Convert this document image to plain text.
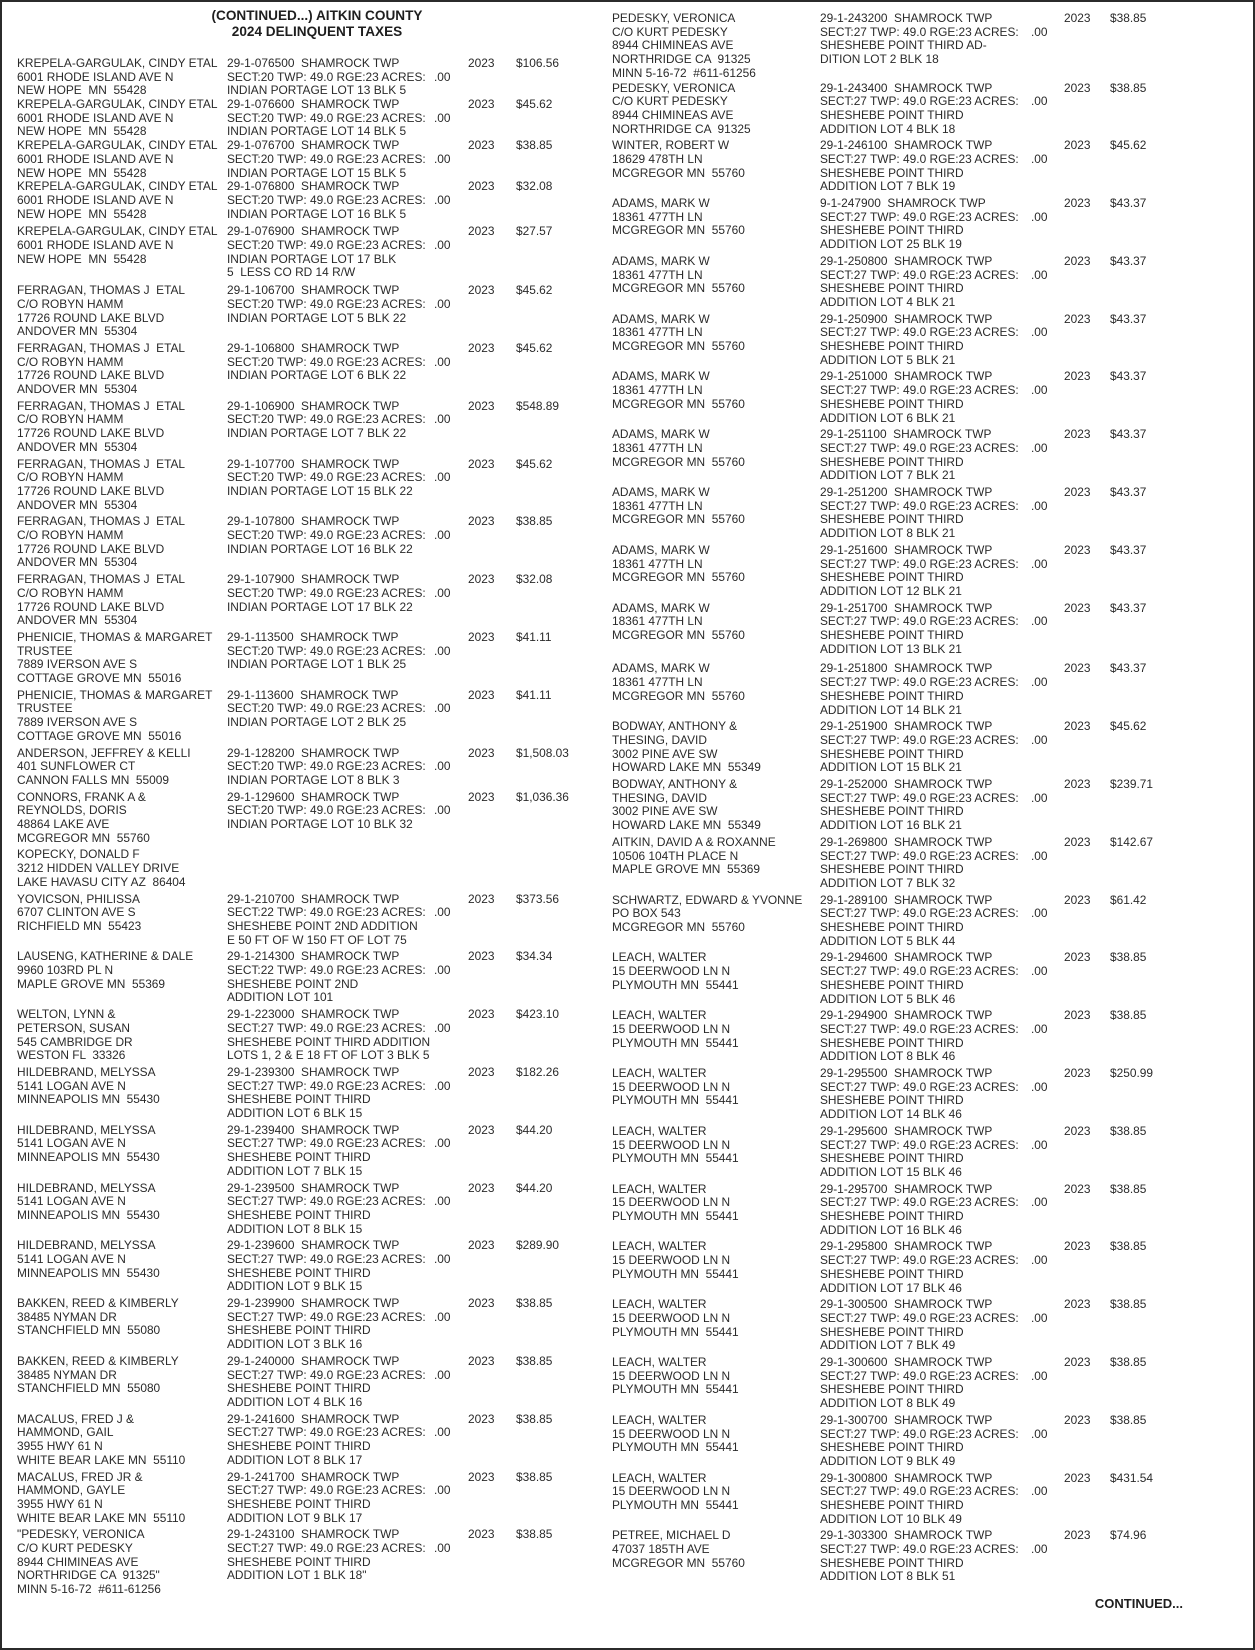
(CONTINUED...) AITKIN COUNTY
2024 DELINQUENT TAXES
KREPELA-GARGULAK, CINDY ETAL
6001 RHODE ISLAND AVE N
NEW HOPE  MN  55428
29-1-076500  SHAMROCK TWP
SECT:20 TWP: 49.0 RGE:23 ACRES:
INDIAN PORTAGE LOT 13 BLK 5
.00
2023 $106.56
KREPELA-GARGULAK, CINDY ETAL
6001 RHODE ISLAND AVE N
NEW HOPE  MN  55428
29-1-076600  SHAMROCK TWP
SECT:20 TWP: 49.0 RGE:23 ACRES:
INDIAN PORTAGE LOT 14 BLK 5
.00
2023 $45.62
KREPELA-GARGULAK, CINDY ETAL
6001 RHODE ISLAND AVE N
NEW HOPE  MN  55428
29-1-076700  SHAMROCK TWP
SECT:20 TWP: 49.0 RGE:23 ACRES:
INDIAN PORTAGE LOT 15 BLK 5
.00
2023 $38.85
KREPELA-GARGULAK, CINDY ETAL
6001 RHODE ISLAND AVE N
NEW HOPE  MN  55428
29-1-076800  SHAMROCK TWP
SECT:20 TWP: 49.0 RGE:23 ACRES:
INDIAN PORTAGE LOT 16 BLK 5
.00
2023 $32.08
KREPELA-GARGULAK, CINDY ETAL
6001 RHODE ISLAND AVE N
NEW HOPE  MN  55428
29-1-076900  SHAMROCK TWP
SECT:20 TWP: 49.0 RGE:23 ACRES:
INDIAN PORTAGE LOT 17 BLK
5  LESS CO RD 14 R/W
.00
2023 $27.57
FERRAGAN, THOMAS J  ETAL
C/O ROBYN HAMM
17726 ROUND LAKE BLVD
ANDOVER MN  55304
29-1-106700  SHAMROCK TWP
SECT:20 TWP: 49.0 RGE:23 ACRES:
INDIAN PORTAGE LOT 5 BLK 22
.00
2023 $45.62
FERRAGAN, THOMAS J  ETAL
C/O ROBYN HAMM
17726 ROUND LAKE BLVD
ANDOVER MN  55304
29-1-106800  SHAMROCK TWP
SECT:20 TWP: 49.0 RGE:23 ACRES:
INDIAN PORTAGE LOT 6 BLK 22
.00
2023 $45.62
FERRAGAN, THOMAS J  ETAL
C/O ROBYN HAMM
17726 ROUND LAKE BLVD
ANDOVER MN  55304
29-1-106900  SHAMROCK TWP
SECT:20 TWP: 49.0 RGE:23 ACRES:
INDIAN PORTAGE LOT 7 BLK 22
.00
2023 $548.89
FERRAGAN, THOMAS J  ETAL
C/O ROBYN HAMM
17726 ROUND LAKE BLVD
ANDOVER MN  55304
29-1-107700  SHAMROCK TWP
SECT:20 TWP: 49.0 RGE:23 ACRES:
INDIAN PORTAGE LOT 15 BLK 22
.00
2023 $45.62
FERRAGAN, THOMAS J  ETAL
C/O ROBYN HAMM
17726 ROUND LAKE BLVD
ANDOVER MN  55304
29-1-107800  SHAMROCK TWP
SECT:20 TWP: 49.0 RGE:23 ACRES:
INDIAN PORTAGE LOT 16 BLK 22
.00
2023 $38.85
FERRAGAN, THOMAS J  ETAL
C/O ROBYN HAMM
17726 ROUND LAKE BLVD
ANDOVER MN  55304
29-1-107900  SHAMROCK TWP
SECT:20 TWP: 49.0 RGE:23 ACRES:
INDIAN PORTAGE LOT 17 BLK 22
.00
2023 $32.08
PHENICIE, THOMAS & MARGARET
TRUSTEE
7889 IVERSON AVE S
COTTAGE GROVE MN  55016
29-1-113500  SHAMROCK TWP
SECT:20 TWP: 49.0 RGE:23 ACRES:
INDIAN PORTAGE LOT 1 BLK 25
.00
2023 $41.11
PHENICIE, THOMAS & MARGARET
TRUSTEE
7889 IVERSON AVE S
COTTAGE GROVE MN  55016
29-1-113600  SHAMROCK TWP
SECT:20 TWP: 49.0 RGE:23 ACRES:
INDIAN PORTAGE LOT 2 BLK 25
.00
2023 $41.11
ANDERSON, JEFFREY & KELLI
401 SUNFLOWER CT
CANNON FALLS MN  55009
29-1-128200  SHAMROCK TWP
SECT:20 TWP: 49.0 RGE:23 ACRES:
INDIAN PORTAGE LOT 8 BLK 3
.00
2023 $1,508.03
CONNORS, FRANK A &
REYNOLDS, DORIS
48864 LAKE AVE
MCGREGOR MN  55760
29-1-129600  SHAMROCK TWP
SECT:20 TWP: 49.0 RGE:23 ACRES:
INDIAN PORTAGE LOT 10 BLK 32
.00
2023 $1,036.36
KOPECKY, DONALD F
3212 HIDDEN VALLEY DRIVE
LAKE HAVASU CITY AZ  86404
YOVICSON, PHILISSA
6707 CLINTON AVE S
RICHFIELD MN  55423
29-1-210700  SHAMROCK TWP
SECT:22 TWP: 49.0 RGE:23 ACRES:
SHESHEBE POINT 2ND ADDITION
E 50 FT OF W 150 FT OF LOT 75
.00
2023 $373.56
LAUSENG, KATHERINE & DALE
9960 103RD PL N
MAPLE GROVE MN  55369
29-1-214300  SHAMROCK TWP
SECT:22 TWP: 49.0 RGE:23 ACRES:
SHESHEBE POINT 2ND
ADDITION LOT 101
.00
2023 $34.34
WELTON, LYNN &
PETERSON, SUSAN
545 CAMBRIDGE DR
WESTON FL  33326
29-1-223000  SHAMROCK TWP
SECT:27 TWP: 49.0 RGE:23 ACRES:
SHESHEBE POINT THIRD ADDITION
LOTS 1, 2 & E 18 FT OF LOT 3 BLK 5
.00
2023 $423.10
HILDEBRAND, MELYSSA
5141 LOGAN AVE N
MINNEAPOLIS MN  55430
29-1-239300  SHAMROCK TWP
SECT:27 TWP: 49.0 RGE:23 ACRES:
SHESHEBE POINT THIRD
ADDITION LOT 6 BLK 15
.00
2023 $182.26
HILDEBRAND, MELYSSA
5141 LOGAN AVE N
MINNEAPOLIS MN  55430
29-1-239400  SHAMROCK TWP
SECT:27 TWP: 49.0 RGE:23 ACRES:
SHESHEBE POINT THIRD
ADDITION LOT 7 BLK 15
.00
2023 $44.20
HILDEBRAND, MELYSSA
5141 LOGAN AVE N
MINNEAPOLIS MN  55430
29-1-239500  SHAMROCK TWP
SECT:27 TWP: 49.0 RGE:23 ACRES:
SHESHEBE POINT THIRD
ADDITION LOT 8 BLK 15
.00
2023 $44.20
HILDEBRAND, MELYSSA
5141 LOGAN AVE N
MINNEAPOLIS MN  55430
29-1-239600  SHAMROCK TWP
SECT:27 TWP: 49.0 RGE:23 ACRES:
SHESHEBE POINT THIRD
ADDITION LOT 9 BLK 15
.00
2023 $289.90
BAKKEN, REED & KIMBERLY
38485 NYMAN DR
STANCHFIELD MN  55080
29-1-239900  SHAMROCK TWP
SECT:27 TWP: 49.0 RGE:23 ACRES:
SHESHEBE POINT THIRD
ADDITION LOT 3 BLK 16
.00
2023 $38.85
BAKKEN, REED & KIMBERLY
38485 NYMAN DR
STANCHFIELD MN  55080
29-1-240000  SHAMROCK TWP
SECT:27 TWP: 49.0 RGE:23 ACRES:
SHESHEBE POINT THIRD
ADDITION LOT 4 BLK 16
.00
2023 $38.85
MACALUS, FRED J &
HAMMOND, GAIL
3955 HWY 61 N
WHITE BEAR LAKE MN  55110
29-1-241600  SHAMROCK TWP
SECT:27 TWP: 49.0 RGE:23 ACRES:
SHESHEBE POINT THIRD
ADDITION LOT 8 BLK 17
.00
2023 $38.85
MACALUS, FRED JR &
HAMMOND, GAYLE
3955 HWY 61 N
WHITE BEAR LAKE MN  55110
29-1-241700  SHAMROCK TWP
SECT:27 TWP: 49.0 RGE:23 ACRES:
SHESHEBE POINT THIRD
ADDITION LOT 9 BLK 17
.00
2023 $38.85
"PEDESKY, VERONICA
C/O KURT PEDESKY
8944 CHIMINEAS AVE
NORTHRIDGE CA  91325"
MINN 5-16-72  #611-61256
29-1-243100  SHAMROCK TWP
SECT:27 TWP: 49.0 RGE:23 ACRES:
SHESHEBE POINT THIRD
ADDITION LOT 1 BLK 18"
.00
2023 $38.85
PEDESKY, VERONICA
C/O KURT PEDESKY
8944 CHIMINEAS AVE
NORTHRIDGE CA  91325
MINN 5-16-72  #611-61256
29-1-243200  SHAMROCK TWP
SECT:27 TWP: 49.0 RGE:23 ACRES:
SHESHEBE POINT THIRD AD-
DITION LOT 2 BLK 18
.00
2023 $38.85
PEDESKY, VERONICA
C/O KURT PEDESKY
8944 CHIMINEAS AVE
NORTHRIDGE CA  91325
29-1-243400  SHAMROCK TWP
SECT:27 TWP: 49.0 RGE:23 ACRES:
SHESHEBE POINT THIRD
ADDITION LOT 4 BLK 18
.00
2023 $38.85
WINTER, ROBERT W
18629 478TH LN
MCGREGOR MN  55760
29-1-246100  SHAMROCK TWP
SECT:27 TWP: 49.0 RGE:23 ACRES:
SHESHEBE POINT THIRD
ADDITION LOT 7 BLK 19
.00
2023 $45.62
ADAMS, MARK W
18361 477TH LN
MCGREGOR MN  55760
9-1-247900  SHAMROCK TWP
SECT:27 TWP: 49.0 RGE:23 ACRES:
SHESHEBE POINT THIRD
ADDITION LOT 25 BLK 19
.00
2023 $43.37
ADAMS, MARK W
18361 477TH LN
MCGREGOR MN  55760
29-1-250800  SHAMROCK TWP
SECT:27 TWP: 49.0 RGE:23 ACRES:
SHESHEBE POINT THIRD
ADDITION LOT 4 BLK 21
.00
2023 $43.37
ADAMS, MARK W
18361 477TH LN
MCGREGOR MN  55760
29-1-250900  SHAMROCK TWP
SECT:27 TWP: 49.0 RGE:23 ACRES:
SHESHEBE POINT THIRD
ADDITION LOT 5 BLK 21
.00
2023 $43.37
ADAMS, MARK W
18361 477TH LN
MCGREGOR MN  55760
29-1-251000  SHAMROCK TWP
SECT:27 TWP: 49.0 RGE:23 ACRES:
SHESHEBE POINT THIRD
ADDITION LOT 6 BLK 21
.00
2023 $43.37
ADAMS, MARK W
18361 477TH LN
MCGREGOR MN  55760
29-1-251100  SHAMROCK TWP
SECT:27 TWP: 49.0 RGE:23 ACRES:
SHESHEBE POINT THIRD
ADDITION LOT 7 BLK 21
.00
2023 $43.37
ADAMS, MARK W
18361 477TH LN
MCGREGOR MN  55760
29-1-251200  SHAMROCK TWP
SECT:27 TWP: 49.0 RGE:23 ACRES:
SHESHEBE POINT THIRD
ADDITION LOT 8 BLK 21
.00
2023 $43.37
ADAMS, MARK W
18361 477TH LN
MCGREGOR MN  55760
29-1-251600  SHAMROCK TWP
SECT:27 TWP: 49.0 RGE:23 ACRES:
SHESHEBE POINT THIRD
ADDITION LOT 12 BLK 21
.00
2023 $43.37
ADAMS, MARK W
18361 477TH LN
MCGREGOR MN  55760
29-1-251700  SHAMROCK TWP
SECT:27 TWP: 49.0 RGE:23 ACRES:
SHESHEBE POINT THIRD
ADDITION LOT 13 BLK 21
.00
2023 $43.37
ADAMS, MARK W
18361 477TH LN
MCGREGOR MN  55760
29-1-251800  SHAMROCK TWP
SECT:27 TWP: 49.0 RGE:23 ACRES:
SHESHEBE POINT THIRD
ADDITION LOT 14 BLK 21
.00
2023 $43.37
BODWAY, ANTHONY &
THESING, DAVID
3002 PINE AVE SW
HOWARD LAKE MN  55349
29-1-251900  SHAMROCK TWP
SECT:27 TWP: 49.0 RGE:23 ACRES:
SHESHEBE POINT THIRD
ADDITION LOT 15 BLK 21
.00
2023 $45.62
BODWAY, ANTHONY &
THESING, DAVID
3002 PINE AVE SW
HOWARD LAKE MN  55349
29-1-252000  SHAMROCK TWP
SECT:27 TWP: 49.0 RGE:23 ACRES:
SHESHEBE POINT THIRD
ADDITION LOT 16 BLK 21
.00
2023 $239.71
AITKIN, DAVID A & ROXANNE
10506 104TH PLACE N
MAPLE GROVE MN  55369
29-1-269800  SHAMROCK TWP
SECT:27 TWP: 49.0 RGE:23 ACRES:
SHESHEBE POINT THIRD
ADDITION LOT 7 BLK 32
.00
2023 $142.67
SCHWARTZ, EDWARD & YVONNE
PO BOX 543
MCGREGOR MN  55760
29-1-289100  SHAMROCK TWP
SECT:27 TWP: 49.0 RGE:23 ACRES:
SHESHEBE POINT THIRD
ADDITION LOT 5 BLK 44
.00
2023 $61.42
LEACH, WALTER
15 DEERWOOD LN N
PLYMOUTH MN  55441
29-1-294600  SHAMROCK TWP
SECT:27 TWP: 49.0 RGE:23 ACRES:
SHESHEBE POINT THIRD
ADDITION LOT 5 BLK 46
.00
2023 $38.85
LEACH, WALTER
15 DEERWOOD LN N
PLYMOUTH MN  55441
29-1-294900  SHAMROCK TWP
SECT:27 TWP: 49.0 RGE:23 ACRES:
SHESHEBE POINT THIRD
ADDITION LOT 8 BLK 46
.00
2023 $38.85
LEACH, WALTER
15 DEERWOOD LN N
PLYMOUTH MN  55441
29-1-295500  SHAMROCK TWP
SECT:27 TWP: 49.0 RGE:23 ACRES:
SHESHEBE POINT THIRD
ADDITION LOT 14 BLK 46
.00
2023 $250.99
LEACH, WALTER
15 DEERWOOD LN N
PLYMOUTH MN  55441
29-1-295600  SHAMROCK TWP
SECT:27 TWP: 49.0 RGE:23 ACRES:
SHESHEBE POINT THIRD
ADDITION LOT 15 BLK 46
.00
2023 $38.85
LEACH, WALTER
15 DEERWOOD LN N
PLYMOUTH MN  55441
29-1-295700  SHAMROCK TWP
SECT:27 TWP: 49.0 RGE:23 ACRES:
SHESHEBE POINT THIRD
ADDITION LOT 16 BLK 46
.00
2023 $38.85
LEACH, WALTER
15 DEERWOOD LN N
PLYMOUTH MN  55441
29-1-295800  SHAMROCK TWP
SECT:27 TWP: 49.0 RGE:23 ACRES:
SHESHEBE POINT THIRD
ADDITION LOT 17 BLK 46
.00
2023 $38.85
LEACH, WALTER
15 DEERWOOD LN N
PLYMOUTH MN  55441
29-1-300500  SHAMROCK TWP
SECT:27 TWP: 49.0 RGE:23 ACRES:
SHESHEBE POINT THIRD
ADDITION LOT 7 BLK 49
.00
2023 $38.85
LEACH, WALTER
15 DEERWOOD LN N
PLYMOUTH MN  55441
29-1-300600  SHAMROCK TWP
SECT:27 TWP: 49.0 RGE:23 ACRES:
SHESHEBE POINT THIRD
ADDITION LOT 8 BLK 49
.00
2023 $38.85
LEACH, WALTER
15 DEERWOOD LN N
PLYMOUTH MN  55441
29-1-300700  SHAMROCK TWP
SECT:27 TWP: 49.0 RGE:23 ACRES:
SHESHEBE POINT THIRD
ADDITION LOT 9 BLK 49
.00
2023 $38.85
LEACH, WALTER
15 DEERWOOD LN N
PLYMOUTH MN  55441
29-1-300800  SHAMROCK TWP
SECT:27 TWP: 49.0 RGE:23 ACRES:
SHESHEBE POINT THIRD
ADDITION LOT 10 BLK 49
.00
2023 $431.54
PETREE, MICHAEL D
47037 185TH AVE
MCGREGOR MN  55760
29-1-303300  SHAMROCK TWP
SECT:27 TWP: 49.0 RGE:23 ACRES:
SHESHEBE POINT THIRD
ADDITION LOT 8 BLK 51
.00
2023 $74.96
CONTINUED...
